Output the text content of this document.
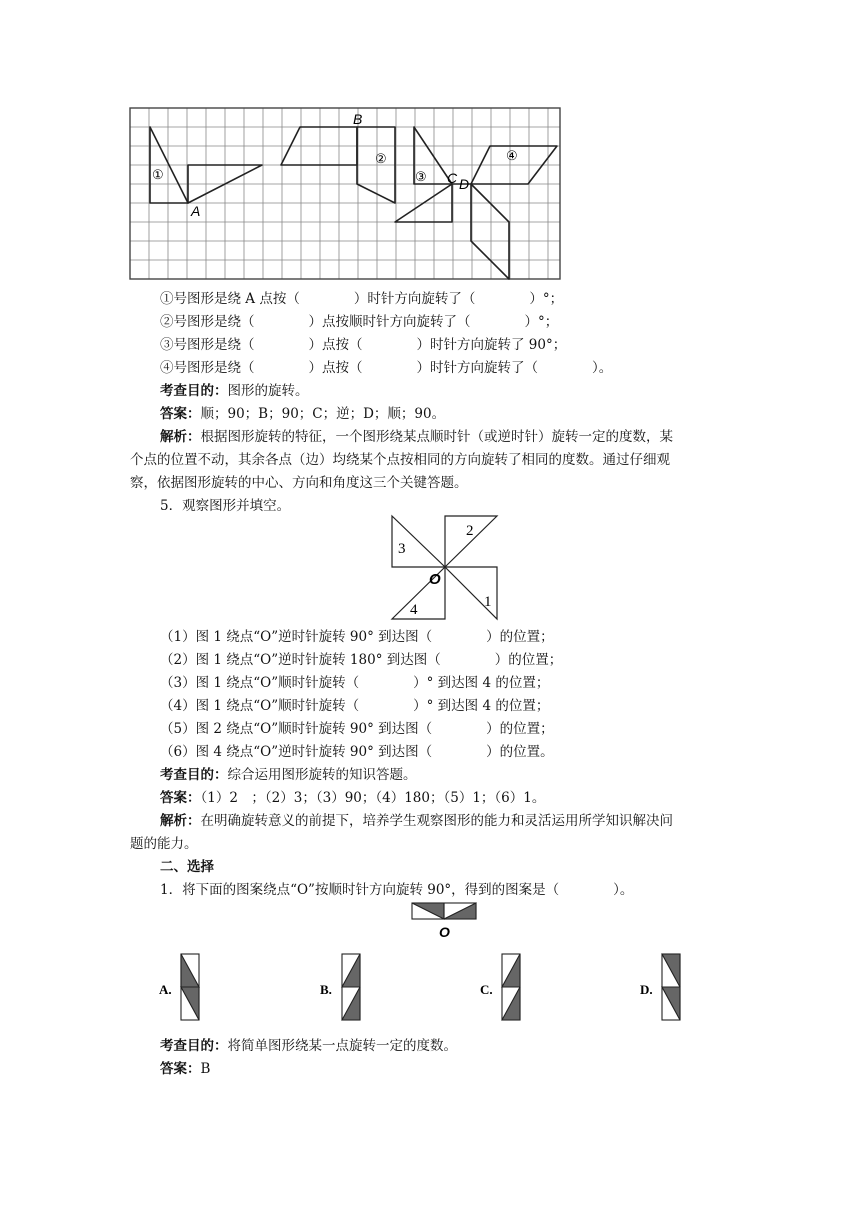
A
B
C D
①
②
③
④
①号图形是绕 A 点按（　　　　）时针方向旋转了（　　　　）°；
②号图形是绕（　　　　）点按顺时针方向旋转了（　　　　）°；
③号图形是绕（　　　　）点按（　　　　）时针方向旋转了 90°；
④号图形是绕（　　　　）点按（　　　　）时针方向旋转了（　　　　）。
考查目的：图形的旋转。
答案：顺；90；B；90；C；逆；D；顺；90。
解析：根据图形旋转的特征，一个图形绕某点顺时针（或逆时针）旋转一定的度数，某
个点的位置不动，其余各点（边）均绕某个点按相同的方向旋转了相同的度数。通过仔细观
察，依据图形旋转的中心、方向和角度这三个关键答题。
5．观察图形并填空。
2
3
4	1
O
（1）图 1 绕点“O”逆时针旋转 90° 到达图（　　　　）的位置；
（2）图 1 绕点“O”逆时针旋转 180° 到达图（　　　　）的位置；
（3）图 1 绕点“O”顺时针旋转（　　　　）° 到达图 4 的位置；
（4）图 1 绕点“O”顺时针旋转（　　　　）° 到达图 4 的位置；
（5）图 2 绕点“O”顺时针旋转 90° 到达图（　　　　）的位置；
（6）图 4 绕点“O”逆时针旋转 90° 到达图（　　　　）的位置。
考查目的：综合运用图形旋转的知识答题。
答案：（1）2　；（2）3；（3）90；（4）180；（5）1；（6）1。
解析：在明确旋转意义的前提下，培养学生观察图形的能力和灵活运用所学知识解决问
题的能力。
二、选择
1．将下面的图案绕点“O”按顺时针方向旋转 90°，得到的图案是（　　　　）。
O
A.	B.	C.	D.
考查目的：将简单图形绕某一点旋转一定的度数。
答案：B
